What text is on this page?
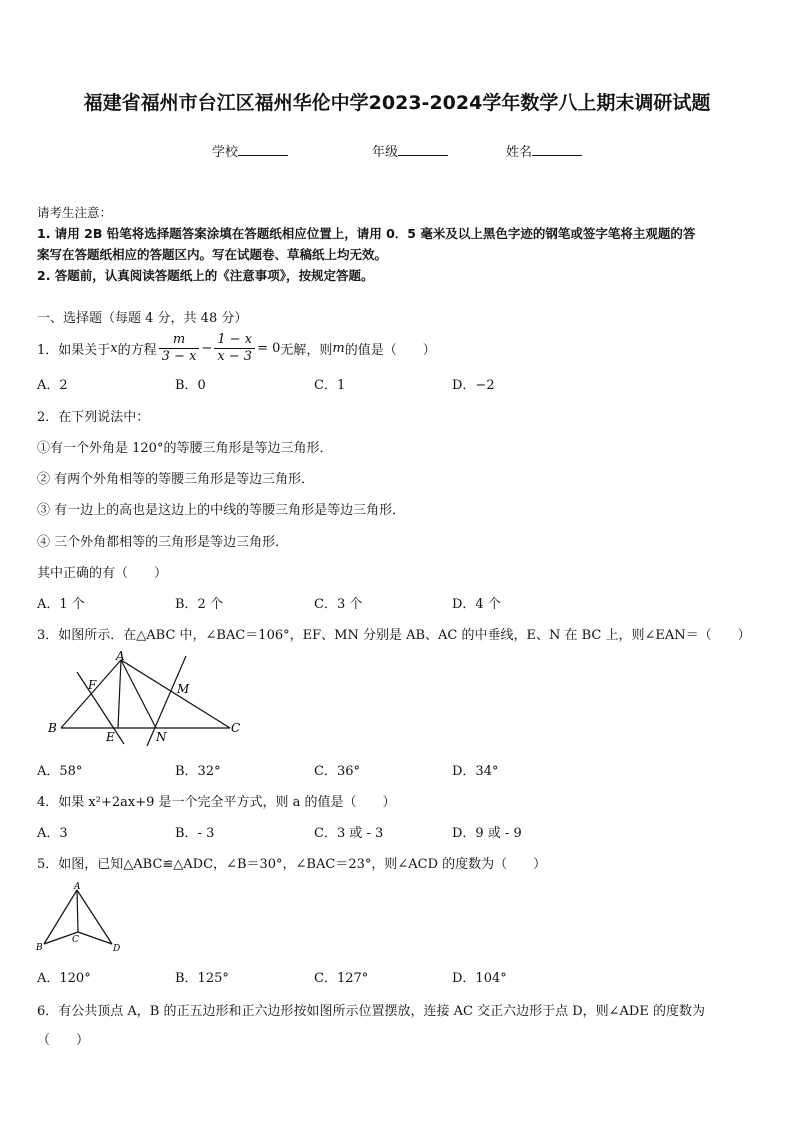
福建省福州市台江区福州华伦中学2023-2024学年数学八上期末调研试题
学校	年级	姓名
请考生注意：
1. 请用 2B 铅笔将选择题答案涂填在答题纸相应位置上，请用 0．5 毫米及以上黑色字迹的钢笔或签字笔将主观题的答
案写在答题纸相应的答题区内。写在试题卷、草稿纸上均无效。
2. 答题前，认真阅读答题纸上的《注意事项》，按规定答题。
一、选择题（每题 4 分，共 48 分）
1．如果关于 x 的方程 $\frac{m}{3 - x} - \frac{1 - x}{x - 3} = 0$ 无解，则 m 的值是（　　）
A．2	B．0	C．1	D．−2
2．在下列说法中：
①有一个外角是 120°的等腰三角形是等边三角形．
② 有两个外角相等的等腰三角形是等边三角形．
③ 有一边上的高也是这边上的中线的等腰三角形是等边三角形．
④ 三个外角都相等的三角形是等边三角形．
其中正确的有（　　）
A．1 个	B．2 个	C．3 个	D．4 个
3．如图所示．在△ABC 中，∠BAC＝106°，EF、MN 分别是 AB、AC 的中垂线，E、N 在 BC 上，则∠EAN＝（　　）
A
B	C
E
F	M
N
A．58°	B．32°	C．36°	D．34°
4．如果 x²+2ax+9 是一个完全平方式，则 a 的值是（　　）
A．3	B．- 3	C．3 或 - 3	D．9 或 - 9
5．如图，已知△ABC≌△ADC，∠B＝30°，∠BAC＝23°，则∠ACD 的度数为（　　）
A
B
C
D
A．120°	B．125°	C．127°	D．104°
6．有公共顶点 A，B 的正五边形和正六边形按如图所示位置摆放，连接 AC 交正六边形于点 D，则∠ADE 的度数为
（　　）
